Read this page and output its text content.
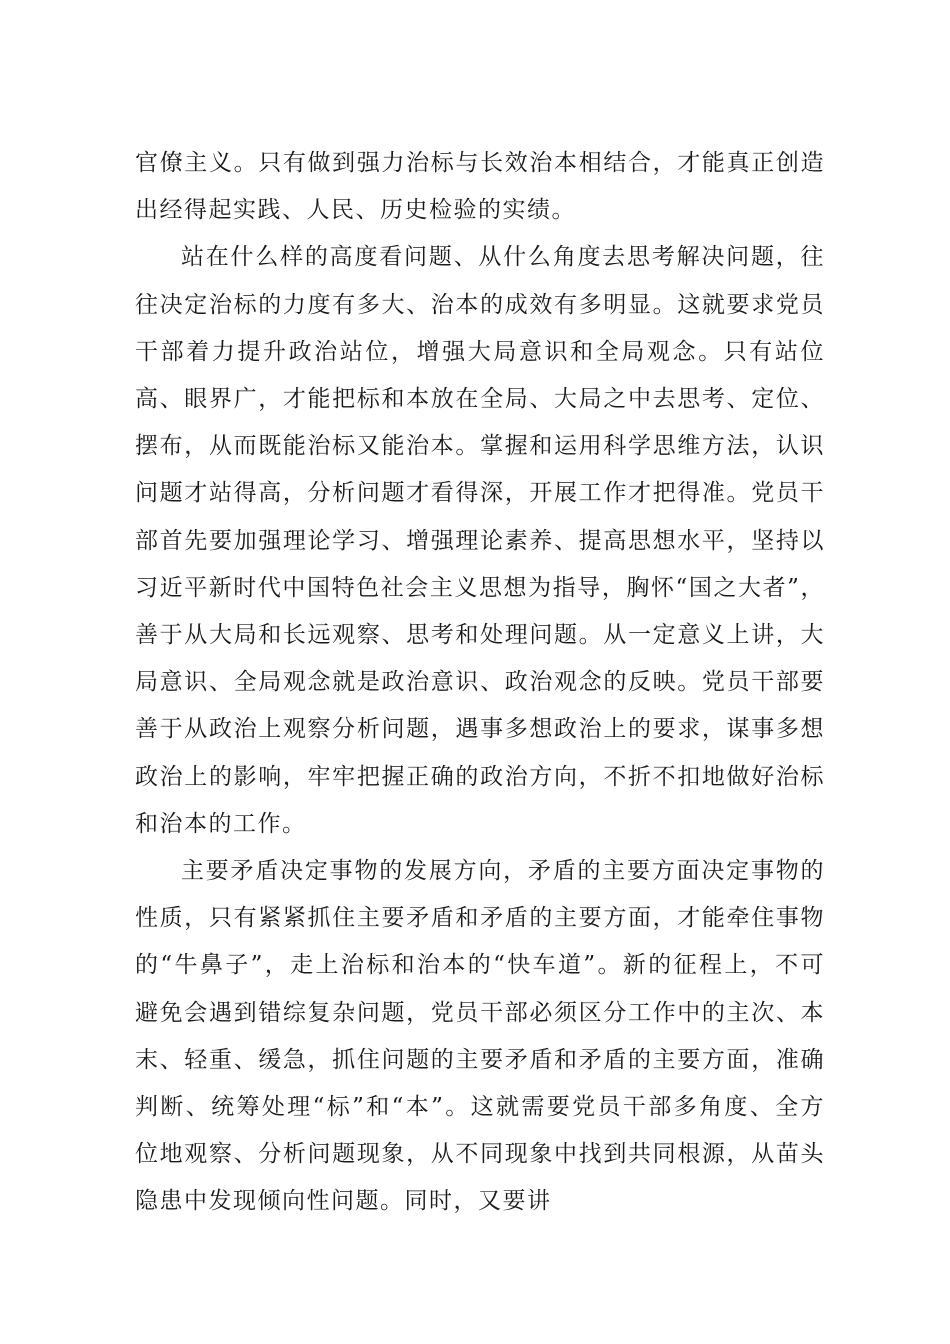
官僚主义。只有做到强力治标与长效治本相结合，才能真正创造出经得起实践、人民、历史检验的实绩。

站在什么样的高度看问题、从什么角度去思考解决问题，往往决定治标的力度有多大、治本的成效有多明显。这就要求党员干部着力提升政治站位，增强大局意识和全局观念。只有站位高、眼界广，才能把标和本放在全局、大局之中去思考、定位、摆布，从而既能治标又能治本。掌握和运用科学思维方法，认识问题才站得高，分析问题才看得深，开展工作才把得准。党员干部首先要加强理论学习、增强理论素养、提高思想水平，坚持以习近平新时代中国特色社会主义思想为指导，胸怀“国之大者”，善于从大局和长远观察、思考和处理问题。从一定意义上讲，大局意识、全局观念就是政治意识、政治观念的反映。党员干部要善于从政治上观察分析问题，遇事多想政治上的要求，谋事多想政治上的影响，牢牢把握正确的政治方向，不折不扣地做好治标和治本的工作。

主要矛盾决定事物的发展方向，矛盾的主要方面决定事物的性质，只有紧紧抓住主要矛盾和矛盾的主要方面，才能牵住事物的“牛鼻子”，走上治标和治本的“快车道”。新的征程上，不可避免会遇到错综复杂问题，党员干部必须区分工作中的主次、本末、轻重、缓急，抓住问题的主要矛盾和矛盾的主要方面，准确判断、统筹处理“标”和“本”。这就需要党员干部多角度、全方位地观察、分析问题现象，从不同现象中找到共同根源，从苗头隐患中发现倾向性问题。同时，又要讲
